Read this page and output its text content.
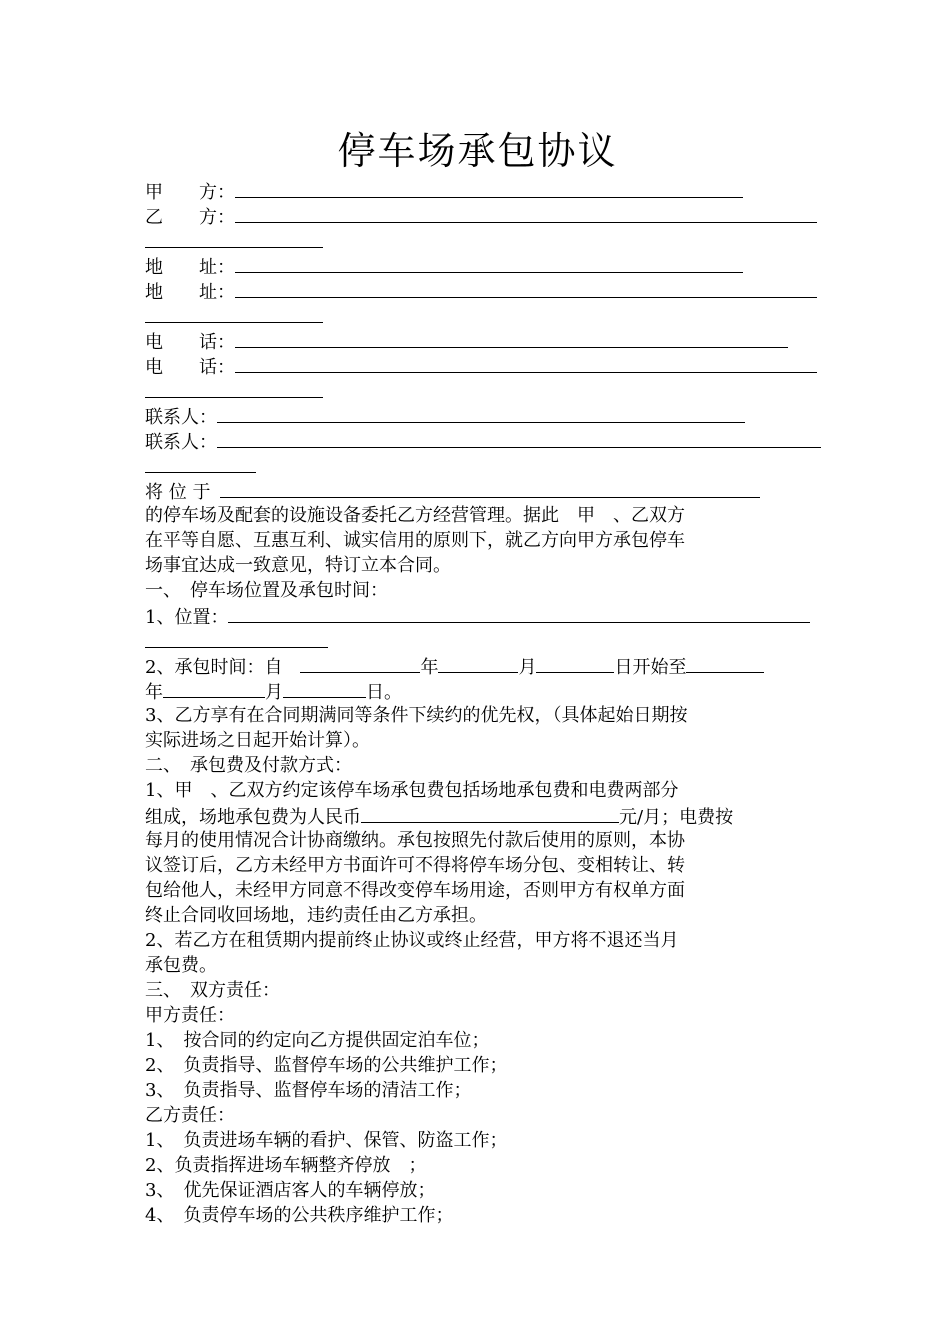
停车场承包协议
甲　　方：
乙　　方：
地　　址：
地　　址：
电　　话：
电　　话：
联系人：
联系人：
将 位 于
的停车场及配套的设施设备委托乙方经营管理。据此　甲　、乙双方
在平等自愿、互惠互利、诚实信用的原则下，就乙方向甲方承包停车
场事宜达成一致意见，特订立本合同。
一、　停车场位置及承包时间：
1、位置：
2、承包时间：自　	年	月	日开始至
年	月	日。
3、乙方享有在合同期满同等条件下续约的优先权，（具体起始日期按
实际进场之日起开始计算）。
二、　承包费及付款方式：
1、甲　、乙双方约定该停车场承包费包括场地承包费和电费两部分
组成，场地承包费为人民币	元/月；电费按
每月的使用情况合计协商缴纳。承包按照先付款后使用的原则，本协
议签订后，乙方未经甲方书面许可不得将停车场分包、变相转让、转
包给他人，未经甲方同意不得改变停车场用途，否则甲方有权单方面
终止合同收回场地，违约责任由乙方承担。
2、若乙方在租赁期内提前终止协议或终止经营，甲方将不退还当月
承包费。
三、　双方责任：
甲方责任：
1、　按合同的约定向乙方提供固定泊车位；
2、　负责指导、监督停车场的公共维护工作；
3、　负责指导、监督停车场的清洁工作；
乙方责任：
1、　负责进场车辆的看护、保管、防盗工作；
2、负责指挥进场车辆整齐停放　；
3、　优先保证酒店客人的车辆停放；
4、　负责停车场的公共秩序维护工作；
